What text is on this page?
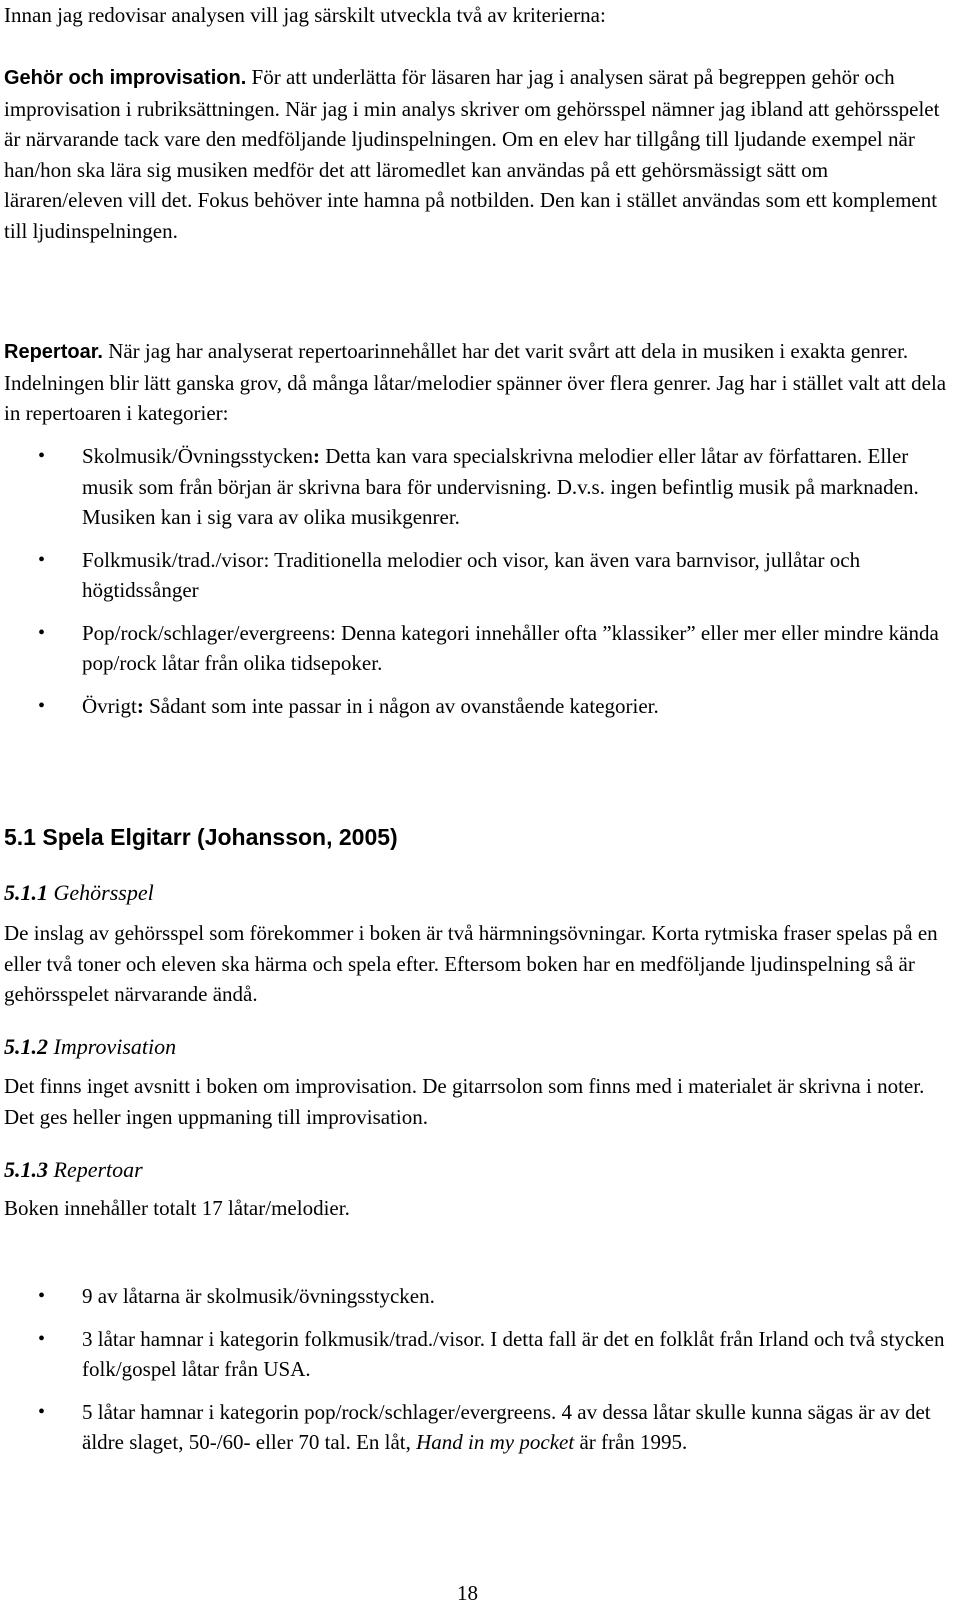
Innan jag redovisar analysen vill jag särskilt utveckla två av kriterierna:

Gehör och improvisation. För att underlätta för läsaren har jag i analysen särat på begreppen gehör och improvisation i rubriksättningen. När jag i min analys skriver om gehörsspel nämner jag ibland att gehörsspelet är närvarande tack vare den medföljande ljudinspelningen. Om en elev har tillgång till ljudande exempel när han/hon ska lära sig musiken medför det att läromedlet kan användas på ett gehörsmässigt sätt om läraren/eleven vill det. Fokus behöver inte hamna på notbilden. Den kan i stället användas som ett komplement till ljudinspelningen.

Repertoar. När jag har analyserat repertoarinnehållet har det varit svårt att dela in musiken i exakta genrer. Indelningen blir lätt ganska grov, då många låtar/melodier spänner över flera genrer. Jag har i stället valt att dela in repertoaren i kategorier:

• Skolmusik/Övningsstycken: Detta kan vara specialskrivna melodier eller låtar av författaren. Eller musik som från början är skrivna bara för undervisning. D.v.s. ingen befintlig musik på marknaden. Musiken kan i sig vara av olika musikgenrer.
• Folkmusik/trad./visor: Traditionella melodier och visor, kan även vara barnvisor, jullåtar och högtidssånger
• Pop/rock/schlager/evergreens: Denna kategori innehåller ofta ”klassiker” eller mer eller mindre kända pop/rock låtar från olika tidsepoker.
• Övrigt: Sådant som inte passar in i någon av ovanstående kategorier.
5.1 Spela Elgitarr (Johansson, 2005)
5.1.1 Gehörsspel

De inslag av gehörsspel som förekommer i boken är två härmningsövningar. Korta rytmiska fraser spelas på en eller två toner och eleven ska härma och spela efter. Eftersom boken har en medföljande ljudinspelning så är gehörsspelet närvarande ändå.

5.1.2 Improvisation

Det finns inget avsnitt i boken om improvisation. De gitarrsolon som finns med i materialet är skrivna i noter. Det ges heller ingen uppmaning till improvisation.

5.1.3 Repertoar

Boken innehåller totalt 17 låtar/melodier.

• 9 av låtarna är skolmusik/övningsstycken.
• 3 låtar hamnar i kategorin folkmusik/trad./visor. I detta fall är det en folklåt från Irland och två stycken folk/gospel låtar från USA.
• 5 låtar hamnar i kategorin pop/rock/schlager/evergreens. 4 av dessa låtar skulle kunna sägas är av det äldre slaget, 50-/60- eller 70 tal. En låt, Hand in my pocket är från 1995.
18
